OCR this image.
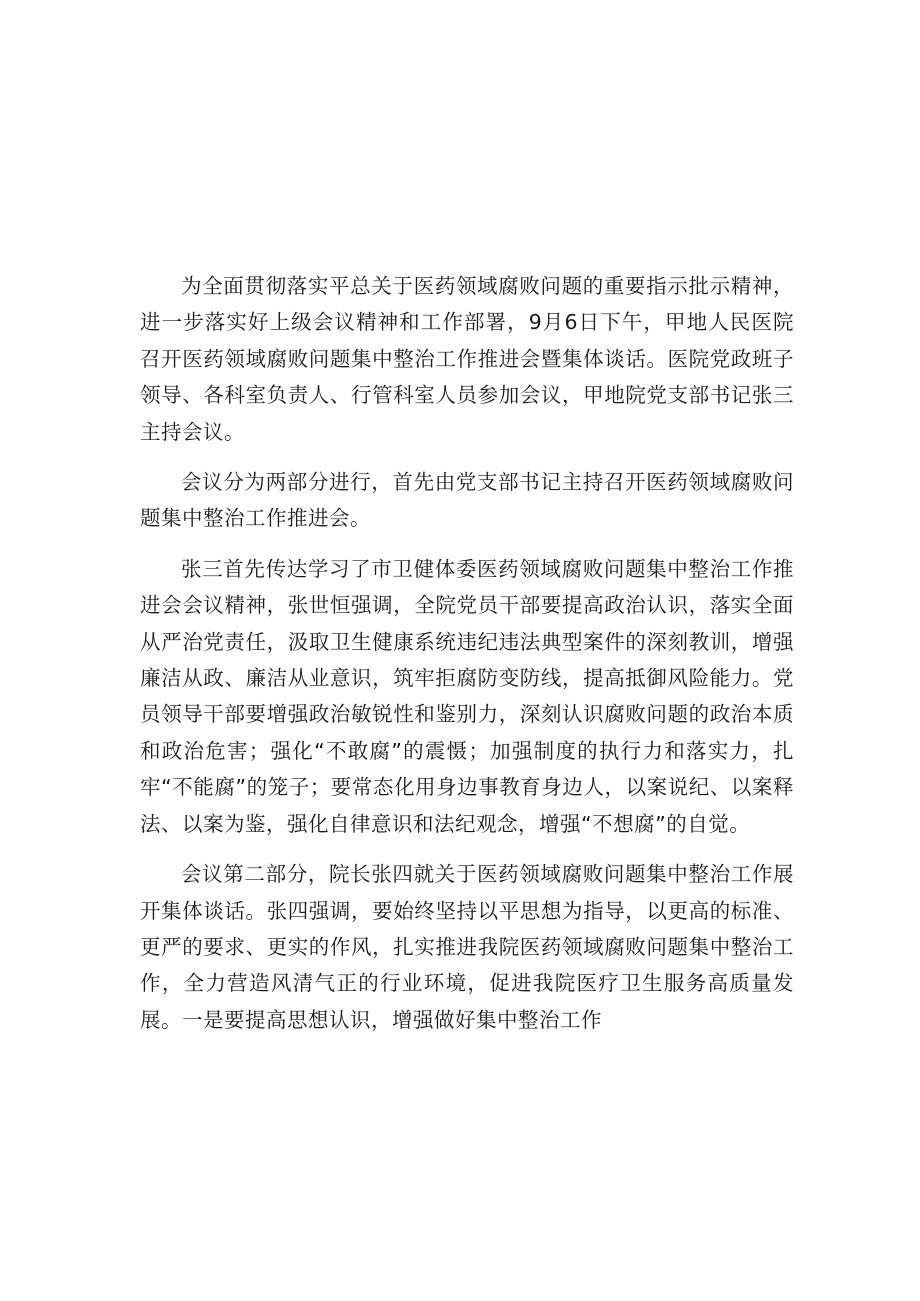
为全面贯彻落实平总关于医药领域腐败问题的重要指示批示精神，进一步落实好上级会议精神和工作部署，9月6日下午，甲地人民医院召开医药领域腐败问题集中整治工作推进会暨集体谈话。医院党政班子领导、各科室负责人、行管科室人员参加会议，甲地院党支部书记张三主持会议。

会议分为两部分进行，首先由党支部书记主持召开医药领域腐败问题集中整治工作推进会。

张三首先传达学习了市卫健体委医药领域腐败问题集中整治工作推进会会议精神，张世恒强调，全院党员干部要提高政治认识，落实全面从严治党责任，汲取卫生健康系统违纪违法典型案件的深刻教训，增强廉洁从政、廉洁从业意识，筑牢拒腐防变防线，提高抵御风险能力。党员领导干部要增强政治敏锐性和鉴别力，深刻认识腐败问题的政治本质和政治危害；强化“不敢腐”的震慑；加强制度的执行力和落实力，扎牢“不能腐”的笼子；要常态化用身边事教育身边人，以案说纪、以案释法、以案为鉴，强化自律意识和法纪观念，增强“不想腐”的自觉。

会议第二部分，院长张四就关于医药领域腐败问题集中整治工作展开集体谈话。张四强调，要始终坚持以平思想为指导，以更高的标准、更严的要求、更实的作风，扎实推进我院医药领域腐败问题集中整治工作，全力营造风清气正的行业环境，促进我院医疗卫生服务高质量发展。一是要提高思想认识，增强做好集中整治工作
